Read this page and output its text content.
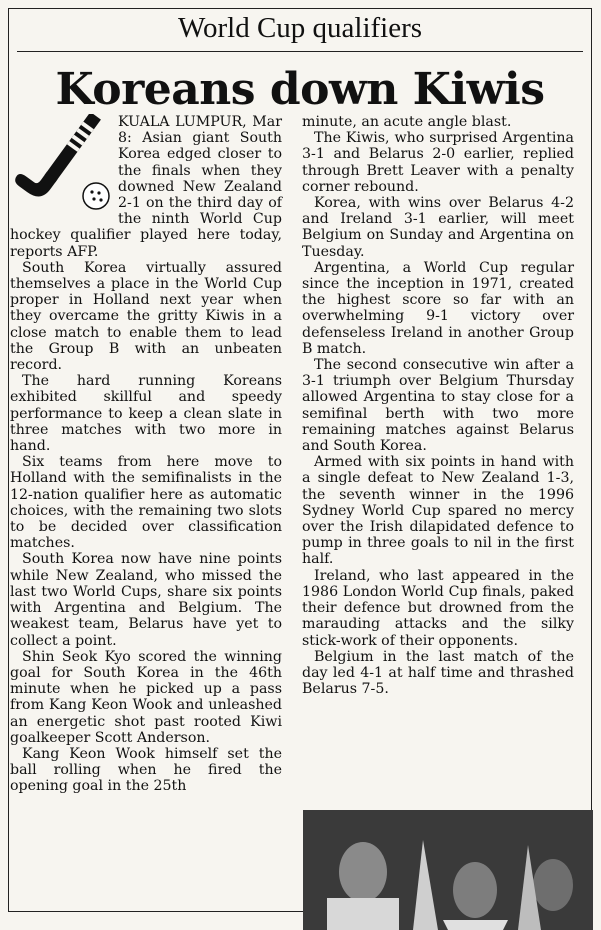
World Cup qualifiers
Koreans down Kiwis

KUALA LUMPUR, Mar 8: Asian giant South Korea edged closer to the finals when they downed New Zealand 2-1 on the third day of the ninth World Cup hockey qualifier played here today, reports AFP.

South Korea virtually assured themselves a place in the World Cup proper in Holland next year when they overcame the gritty Kiwis in a close match to enable them to lead the Group B with an unbeaten record.

The hard running Koreans exhibited skillful and speedy performance to keep a clean slate in three matches with two more in hand.

Six teams from here move to Holland with the semifinalists in the 12-nation qualifier here as automatic choices, with the remaining two slots to be decided over classification matches.

South Korea now have nine points while New Zealand, who missed the last two World Cups, share six points with Argentina and Belgium. The weakest team, Belarus have yet to collect a point.

Shin Seok Kyo scored the winning goal for South Korea in the 46th minute when he picked up a pass from Kang Keon Wook and unleashed an energetic shot past rooted Kiwi goalkeeper Scott Anderson.

Kang Keon Wook himself set the ball rolling when he fired the opening goal in the 25th

minute, an acute angle blast.

The Kiwis, who surprised Argentina 3-1 and Belarus 2-0 earlier, replied through Brett Leaver with a penalty corner rebound.

Korea, with wins over Belarus 4-2 and Ireland 3-1 earlier, will meet Belgium on Sunday and Argentina on Tuesday.

Argentina, a World Cup regular since the inception in 1971, created the highest score so far with an overwhelming 9-1 victory over defenseless Ireland in another Group B match.

The second consecutive win after a 3-1 triumph over Belgium Thursday allowed Argentina to stay close for a semifinal berth with two more remaining matches against Belarus and South Korea.

Armed with six points in hand with a single defeat to New Zealand 1-3, the seventh winner in the 1996 Sydney World Cup spared no mercy over the Irish dilapidated defence to pump in three goals to nil in the first half.

Ireland, who last appeared in the 1986 London World Cup finals, paked their defence but drowned from the marauding attacks and the silky stick-work of their opponents.

Belgium in the last match of the day led 4-1 at half time and thrashed Belarus 7-5.
